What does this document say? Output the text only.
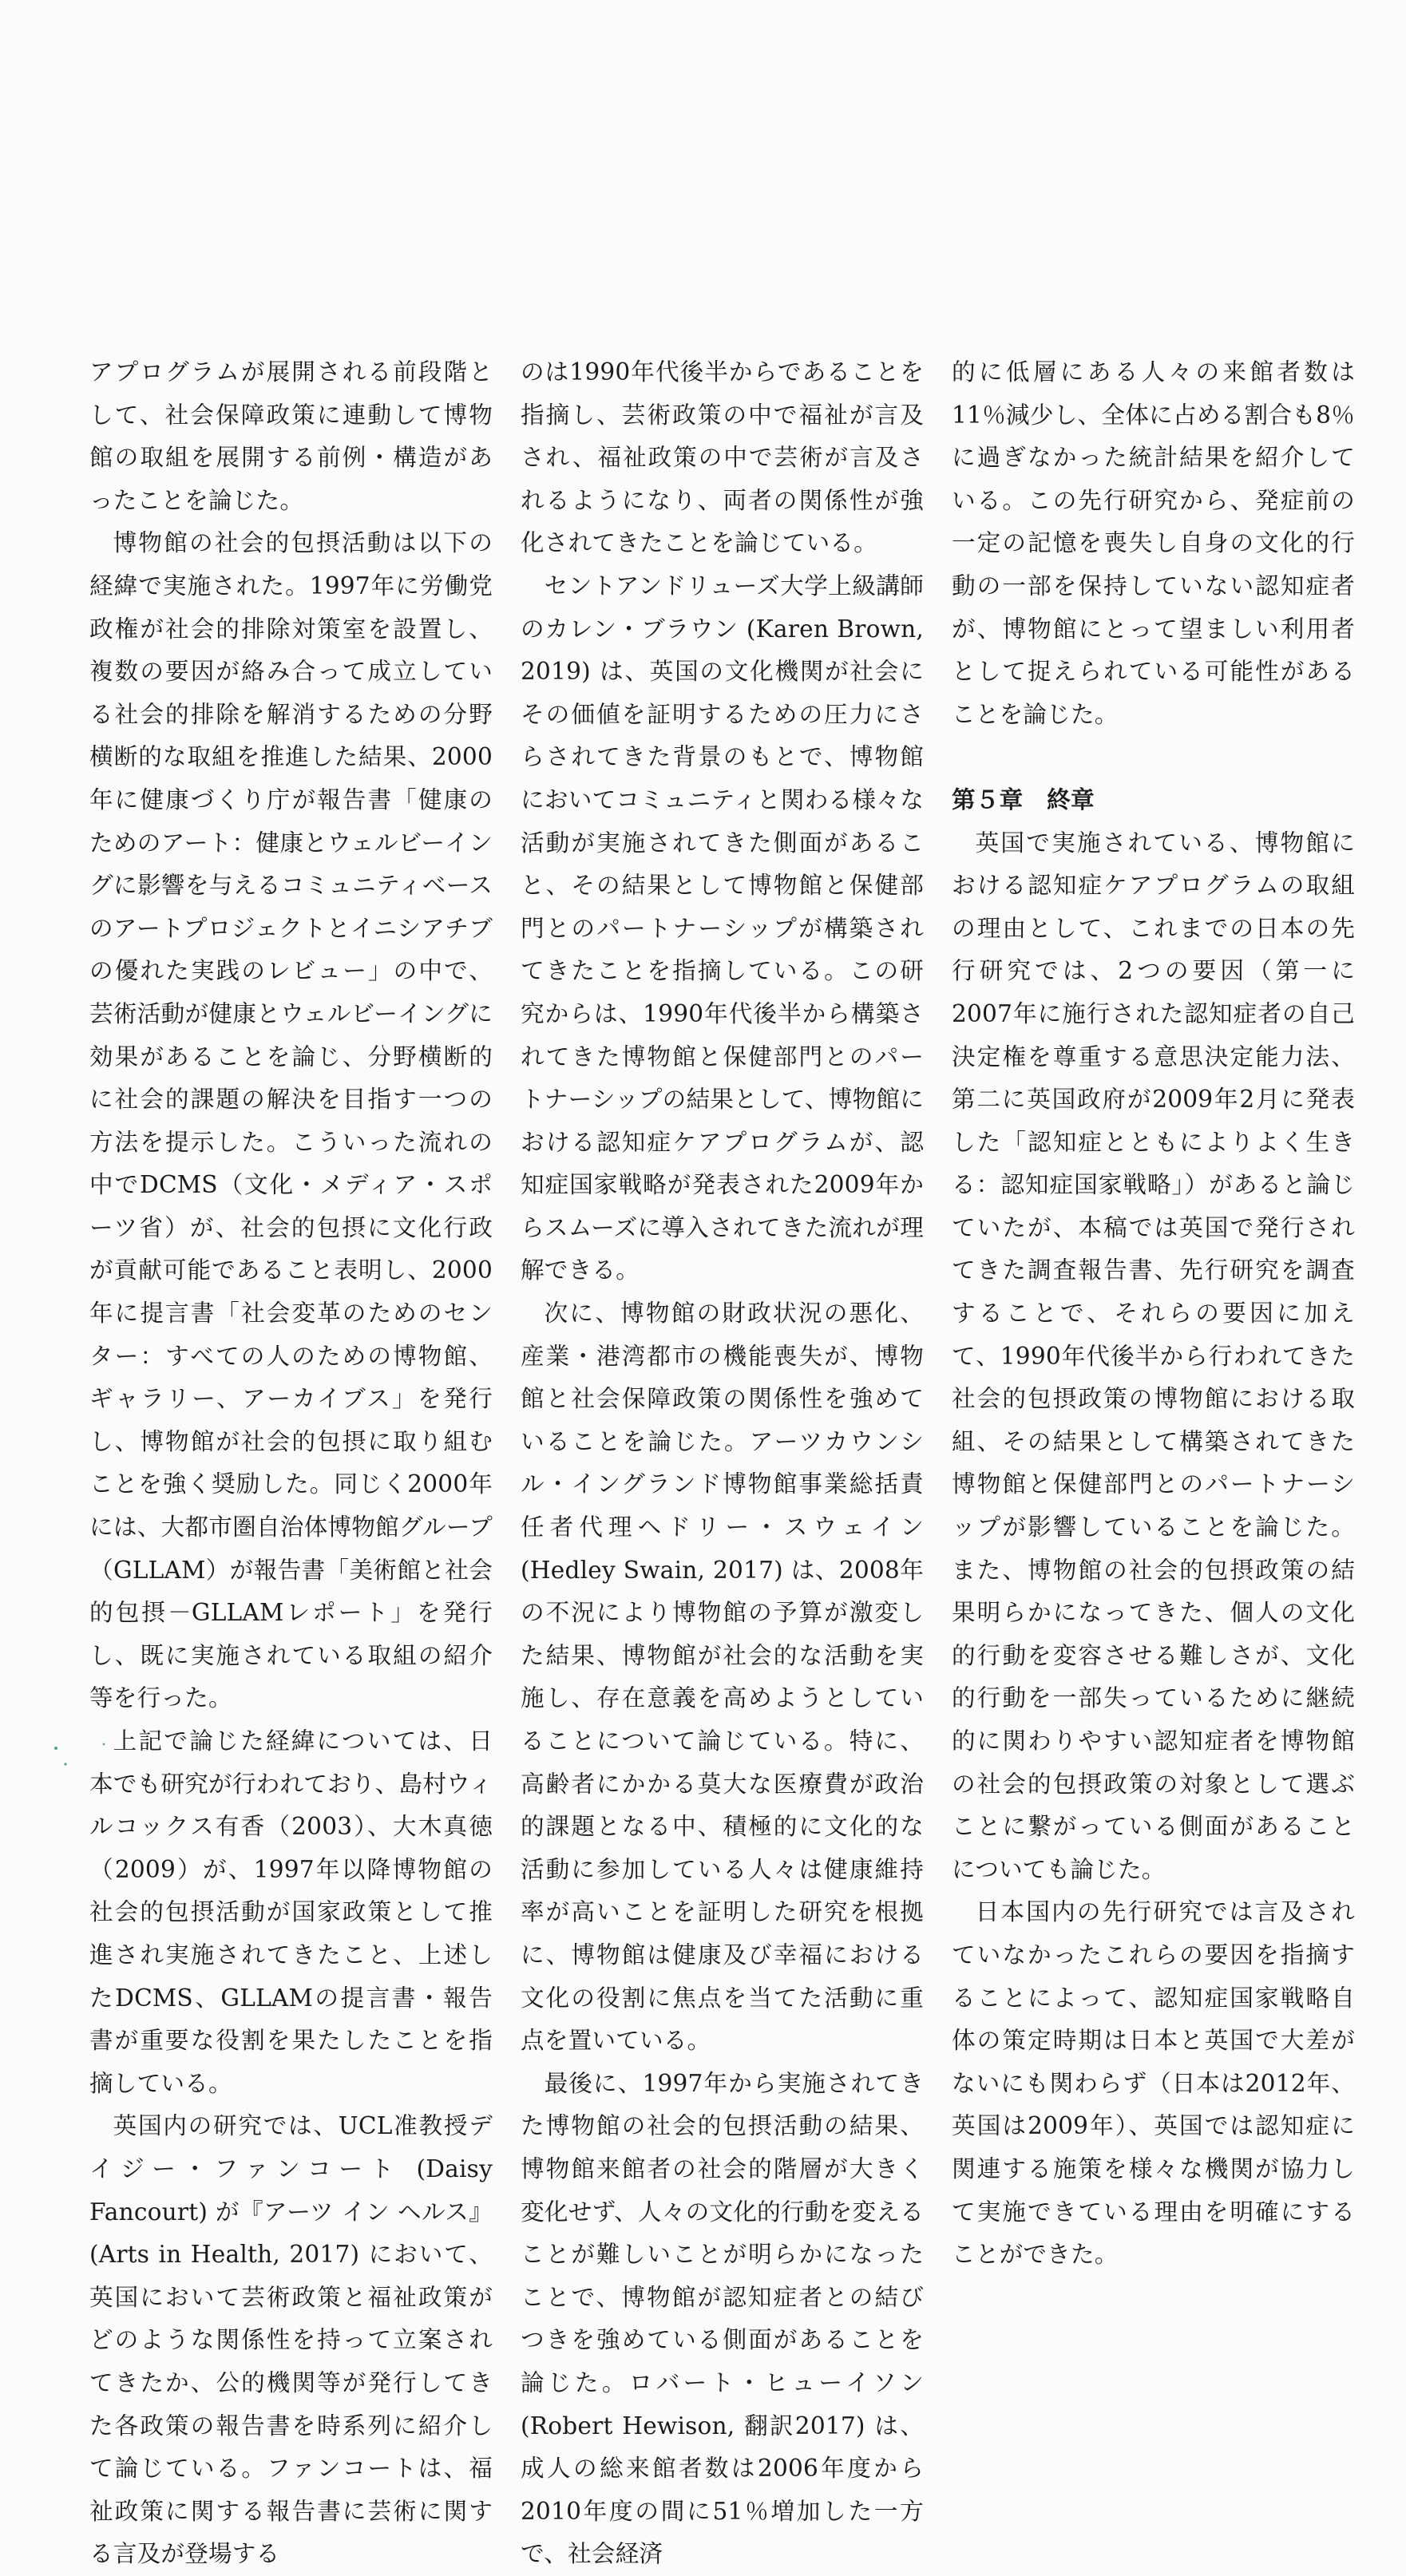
アプログラムが展開される前段階として、社会保障政策に連動して博物館の取組を展開する前例・構造があったことを論じた。

博物館の社会的包摂活動は以下の経緯で実施された。1997年に労働党政権が社会的排除対策室を設置し、複数の要因が絡み合って成立している社会的排除を解消するための分野横断的な取組を推進した結果、2000年に健康づくり庁が報告書「健康のためのアート：健康とウェルビーイングに影響を与えるコミュニティベースのアートプロジェクトとイニシアチブの優れた実践のレビュー」の中で、芸術活動が健康とウェルビーイングに効果があることを論じ、分野横断的に社会的課題の解決を目指す一つの方法を提示した。こういった流れの中でDCMS（文化・メディア・スポーツ省）が、社会的包摂に文化行政が貢献可能であること表明し、2000年に提言書「社会変革のためのセンター：すべての人のための博物館、ギャラリー、アーカイブス」を発行し、博物館が社会的包摂に取り組むことを強く奨励した。同じく2000年には、大都市圏自治体博物館グループ（GLLAM）が報告書「美術館と社会的包摂－GLLAMレポート」を発行し、既に実施されている取組の紹介等を行った。

上記で論じた経緯については、日本でも研究が行われており、島村ウィルコックス有香（2003）、大木真徳（2009）が、1997年以降博物館の社会的包摂活動が国家政策として推進され実施されてきたこと、上述したDCMS、GLLAMの提言書・報告書が重要な役割を果たしたことを指摘している。

英国内の研究では、UCL准教授デイジー・ファンコート (Daisy Fancourt) が『アーツ イン ヘルス』(Arts in Health, 2017) において、英国において芸術政策と福祉政策がどのような関係性を持って立案されてきたか、公的機関等が発行してきた各政策の報告書を時系列に紹介して論じている。ファンコートは、福祉政策に関する報告書に芸術に関する言及が登場する

のは1990年代後半からであることを指摘し、芸術政策の中で福祉が言及され、福祉政策の中で芸術が言及されるようになり、両者の関係性が強化されてきたことを論じている。

セントアンドリューズ大学上級講師のカレン・ブラウン (Karen Brown, 2019) は、英国の文化機関が社会にその価値を証明するための圧力にさらされてきた背景のもとで、博物館においてコミュニティと関わる様々な活動が実施されてきた側面があること、その結果として博物館と保健部門とのパートナーシップが構築されてきたことを指摘している。この研究からは、1990年代後半から構築されてきた博物館と保健部門とのパートナーシップの結果として、博物館における認知症ケアプログラムが、認知症国家戦略が発表された2009年からスムーズに導入されてきた流れが理解できる。

次に、博物館の財政状況の悪化、産業・港湾都市の機能喪失が、博物館と社会保障政策の関係性を強めていることを論じた。アーツカウンシル・イングランド博物館事業総括責任者代理ヘドリー・スウェイン (Hedley Swain, 2017) は、2008年の不況により博物館の予算が激変した結果、博物館が社会的な活動を実施し、存在意義を高めようとしていることについて論じている。特に、高齢者にかかる莫大な医療費が政治的課題となる中、積極的に文化的な活動に参加している人々は健康維持率が高いことを証明した研究を根拠に、博物館は健康及び幸福における文化の役割に焦点を当てた活動に重点を置いている。

最後に、1997年から実施されてきた博物館の社会的包摂活動の結果、博物館来館者の社会的階層が大きく変化せず、人々の文化的行動を変えることが難しいことが明らかになったことで、博物館が認知症者との結びつきを強めている側面があることを論じた。ロバート・ヒューイソン (Robert Hewison, 翻訳2017) は、成人の総来館者数は2006年度から2010年度の間に51％増加した一方で、社会経済

的に低層にある人々の来館者数は11％減少し、全体に占める割合も8％に過ぎなかった統計結果を紹介している。この先行研究から、発症前の一定の記憶を喪失し自身の文化的行動の一部を保持していない認知症者が、博物館にとって望ましい利用者として捉えられている可能性があることを論じた。

第５章　終章

英国で実施されている、博物館における認知症ケアプログラムの取組の理由として、これまでの日本の先行研究では、2つの要因（第一に2007年に施行された認知症者の自己決定権を尊重する意思決定能力法、第二に英国政府が2009年2月に発表した「認知症とともによりよく生きる：認知症国家戦略」）があると論じていたが、本稿では英国で発行されてきた調査報告書、先行研究を調査することで、それらの要因に加えて、1990年代後半から行われてきた社会的包摂政策の博物館における取組、その結果として構築されてきた博物館と保健部門とのパートナーシップが影響していることを論じた。また、博物館の社会的包摂政策の結果明らかになってきた、個人の文化的行動を変容させる難しさが、文化的行動を一部失っているために継続的に関わりやすい認知症者を博物館の社会的包摂政策の対象として選ぶことに繋がっている側面があることについても論じた。

日本国内の先行研究では言及されていなかったこれらの要因を指摘することによって、認知症国家戦略自体の策定時期は日本と英国で大差がないにも関わらず（日本は2012年、英国は2009年）、英国では認知症に関連する施策を様々な機関が協力して実施できている理由を明確にすることができた。
